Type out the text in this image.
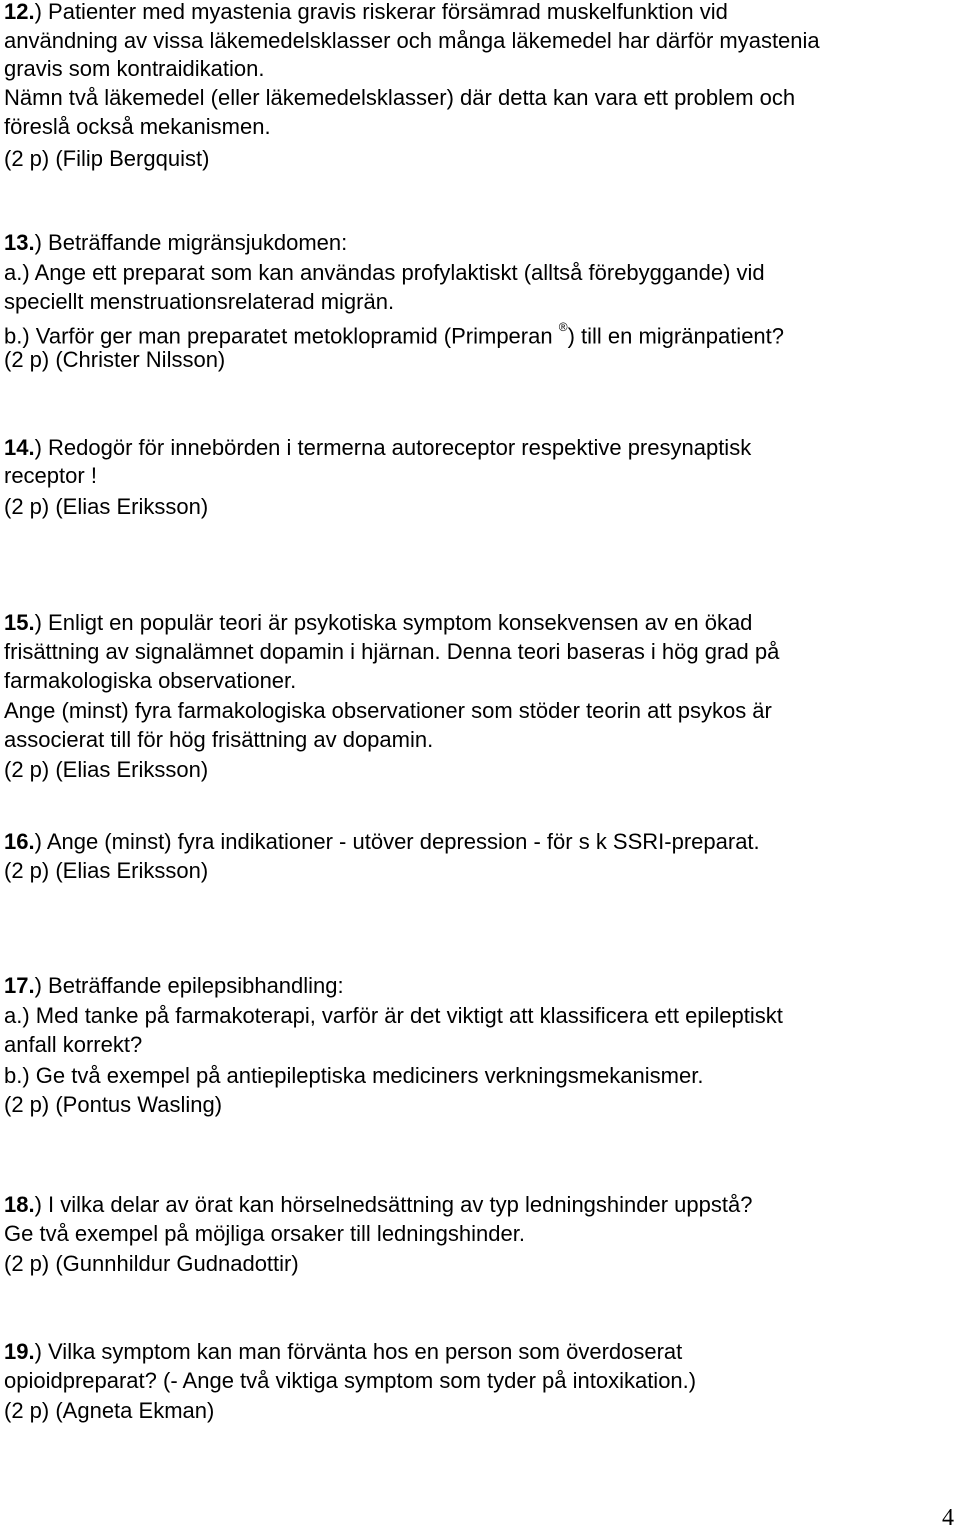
12.) Patienter med myastenia gravis riskerar försämrad muskelfunktion vid
användning av vissa läkemedelsklasser och många läkemedel har därför myastenia
gravis som kontraidikation.
Nämn två läkemedel (eller läkemedelsklasser) där detta kan vara ett problem och
föreslå också mekanismen.
(2 p) (Filip Bergquist)
13.) Beträffande migränsjukdomen:
a.) Ange ett preparat som kan användas profylaktiskt (alltså förebyggande) vid
speciellt menstruationsrelaterad migrän.
b.) Varför ger man preparatet metoklopramid (Primperan ®) till en migränpatient?
(2 p) (Christer Nilsson)
14.) Redogör för innebörden i termerna autoreceptor respektive presynaptisk
receptor !
(2 p) (Elias Eriksson)
15.) Enligt en populär teori är psykotiska symptom konsekvensen av en ökad
frisättning av signalämnet dopamin i hjärnan. Denna teori baseras i hög grad på
farmakologiska observationer.
Ange (minst) fyra farmakologiska observationer som stöder teorin att psykos är
associerat till för hög frisättning av dopamin.
(2 p) (Elias Eriksson)
16.) Ange (minst) fyra indikationer - utöver depression - för s k SSRI-preparat.
(2 p) (Elias Eriksson)
17.) Beträffande epilepsibhandling:
a.) Med tanke på farmakoterapi, varför är det viktigt att klassificera ett epileptiskt
anfall korrekt?
b.) Ge två exempel på antiepileptiska mediciners verkningsmekanismer.
(2 p) (Pontus Wasling)
18.) I vilka delar av örat kan hörselnedsättning av typ ledningshinder uppstå?
Ge två exempel på möjliga orsaker till ledningshinder.
(2 p) (Gunnhildur Gudnadottir)
19.) Vilka symptom kan man förvänta hos en person som överdoserat
opioidpreparat? (- Ange två viktiga symptom som tyder på intoxikation.)
(2 p) (Agneta Ekman)
4
